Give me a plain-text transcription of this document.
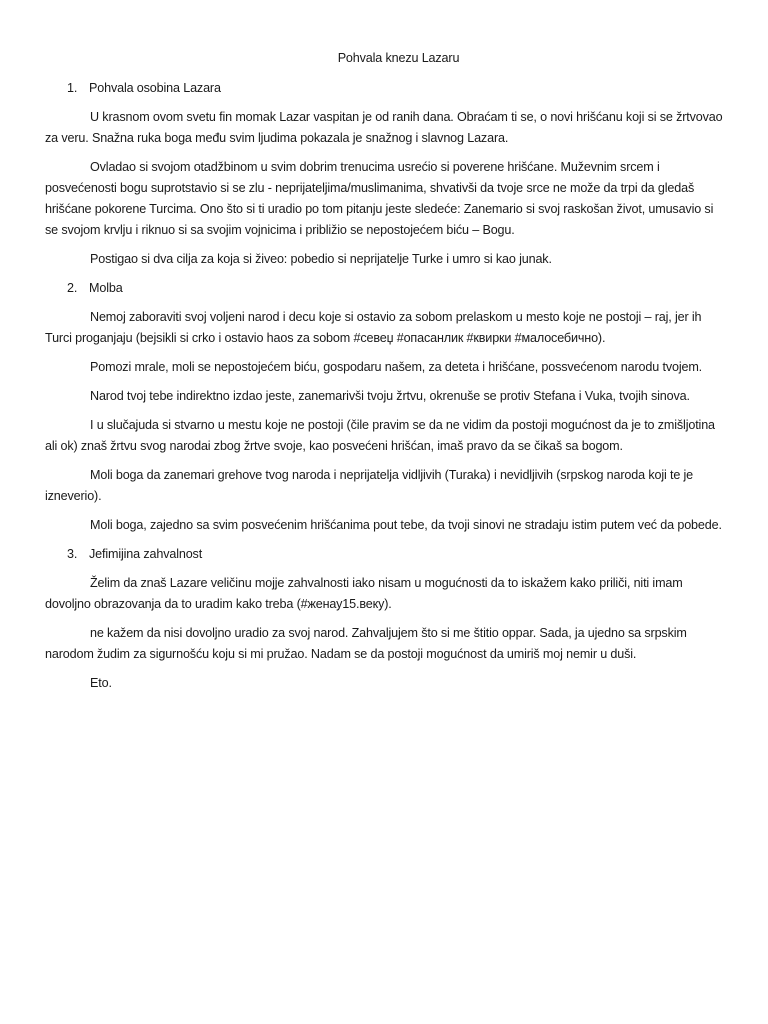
Pohvala knezu Lazaru
1. Pohvala osobina Lazara

U krasnom ovom svetu fin momak Lazar vaspitan je od ranih dana. Obraćam ti se, o novi hrišćanu koji si se žrtvovao za veru. Snažna ruka boga među svim ljudima pokazala je snažnog i slavnog Lazara.

Ovladao si svojom otadžbinom u svim dobrim trenucima usrećio si poverene hrišćane. Muževnim srcem i posvećenosti bogu suprotstavio si se zlu - neprijateljima/muslimanima, shvativši da tvoje srce ne može da trpi da gledaš hrišćane pokorene Turcima. Ono što si ti uradio po tom pitanju jeste sledeće: Zanemario si svoj raskošan život, umusavio si se svojom krvlju i riknuo si sa svojim vojnicima i približio se nepostojećem biću – Bogu.

Postigao si dva cilja za koja si živeo: pobedio si neprijatelje Turke i umro si kao junak.

2. Molba

Nemoj zaboraviti svoj voljeni narod i decu koje si ostavio za sobom prelaskom u mesto koje ne postoji – raj, jer ih Turci proganjaju (bejsikli si crko i ostavio haos za sobom #севеџ #опасанлик #квирки #малосебично).

Pomozi mrale, moli se nepostojećem biću, gospodaru našem, za deteta i hrišćane, possvećenom narodu tvojem.

Narod tvoj tebe indirektno izdao jeste, zanemarivši tvoju žrtvu, okrenuše se protiv Stefana i Vuka, tvojih sinova.

I u slučajuda si stvarno u mestu koje ne postoji (čile pravim se da ne vidim da postoji mogućnost da je to zmišljotina ali ok) znaš žrtvu svog narodai zbog žrtve svoje, kao posvećeni hrišćan, imaš pravo da se čikaš sa bogom.

Moli boga da zanemari grehove tvog naroda i neprijatelja vidljivih (Turaka) i nevidljivih (srpskog naroda koji te je izneverio).

Moli boga, zajedno sa svim posvećenim hrišćanima pout tebe, da tvoji sinovi ne stradaju istim putem već da pobede.

3. Jefimijina zahvalnost

Želim da znaš Lazare veličinu mojje zahvalnosti iako nisam u mogućnosti da to iskažem kako priliči, niti imam dovoljno obrazovanja da to uradim kako treba (#женау15.веку).

ne kažem da nisi dovoljno uradio za svoj narod. Zahvaljujem što si me štitio oppar. Sada, ja ujedno sa srpskim narodom žudim za sigurnošću koju si mi pružao. Nadam se da postoji mogućnost da umiriš moj nemir u duši.

Eto.
